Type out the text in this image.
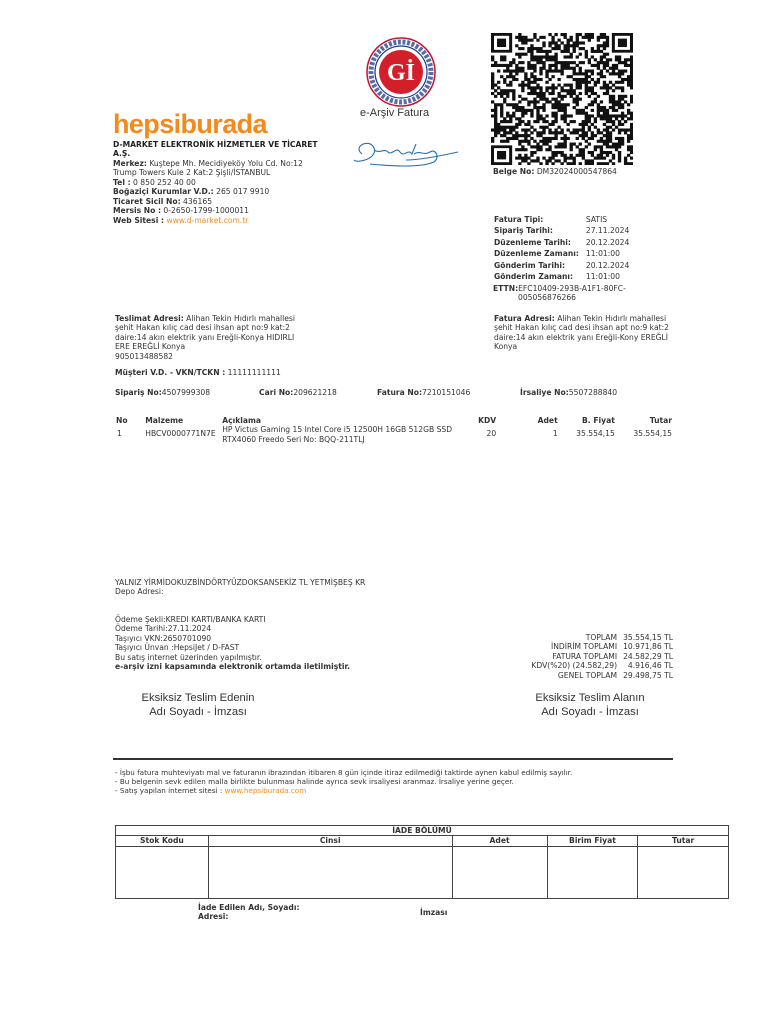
hepsiburada
Gİ
e-Arşiv Fatura
D-MARKET ELEKTRONİK HİZMETLER VE TİCARET A.Ş.
Merkez: Kuştepe Mh. Mecidiyeköy Yolu Cd. No:12
Trump Towers Kule 2 Kat:2 Şişli/İSTANBUL
Tel : 0 850 252 40 00
Boğaziçi Kurumlar V.D.: 265 017 9910
Ticaret Sicil No: 436165
Mersis No : 0-2650-1799-1000011
Web Sitesi : www.d-market.com.tr
Belge No: DM32024000547864
Fatura Tipi:	SATIS
Sipariş Tarihi:	27.11.2024
Düzenleme Tarihi:	20.12.2024
Düzenleme Zamanı:	11:01:00
Gönderim Tarihi:	20.12.2024
Gönderim Zamanı:	11:01:00
ETTN:EFC10409-293B-A1F1-80FC-
005056876266
Teslimat Adresi: Alihan Tekin Hıdırlı mahallesi
şehit Hakan kılıç cad desi ihsan apt no:9 kat:2
daire:14 akın elektrik yanı Ereğli-Konya HIDIRLI
ERE EREĞLİ Konya
905013488582
Fatura Adresi: Alihan Tekin Hıdırlı mahallesi
şehit Hakan kılıç cad desi ihsan apt no:9 kat:2
daire:14 akın elektrik yanı Ereğli-Kony EREĞLİ
Konya
Müşteri V.D. - VKN/TCKN : 11111111111
Sipariş No:4507999308	Cari No:209621218	Fatura No:7210151046	İrsaliye No:5507288840
No	Malzeme	Açıklama	KDV	Adet	B. Fiyat	Tutar
1	HBCV0000771N7E	HP Victus Gaming 15 Intel Core i5 12500H 16GB 512GB SSD
RTX4060 Freedo Seri No: BQQ-211TLJ	20	1	35.554,15	35.554,15
YALNIZ YİRMİDOKUZBİNDÖRTYÜZDOKSANSEKİZ TL YETMİŞBEŞ KR
Depo Adresi:
Ödeme Şekli:KREDI KARTI/BANKA KARTI
Ödeme Tarihi:27.11.2024
Taşıyıcı VKN:2650701090
Taşıyıcı Ünvan :HepsiJet / D-FAST
Bu satış internet üzerinden yapılmıştır.
e-arşiv izni kapsamında elektronik ortamda iletilmiştir.
TOPLAM	35.554,15 TL
İNDİRİM TOPLAMI	10.971,86 TL
FATURA TOPLAMI	24.582,29 TL
KDV(%20) (24.582,29)	4.916,46 TL
GENEL TOPLAM	29.498,75 TL
Eksiksiz Teslim Edenin
Adı Soyadı - İmzası
Eksiksiz Teslim Alanın
Adı Soyadı - İmzası
- İşbu fatura muhteviyatı mal ve faturanın ibrazından itibaren 8 gün içinde itiraz edilmediği taktirde aynen kabul edilmiş sayılır.
- Bu belgenin sevk edilen malla birlikte bulunması halinde ayrıca sevk irsaliyesi aranmaz. İrsaliye yerine geçer.
- Satış yapılan internet sitesi : www.hepsiburada.com
İADE BÖLÜMÜ				
Stok Kodu	Cinsi	Adet	Birim Fiyat	Tutar

İade Edilen Adı, Soyadı:
Adresi:	İmzası
